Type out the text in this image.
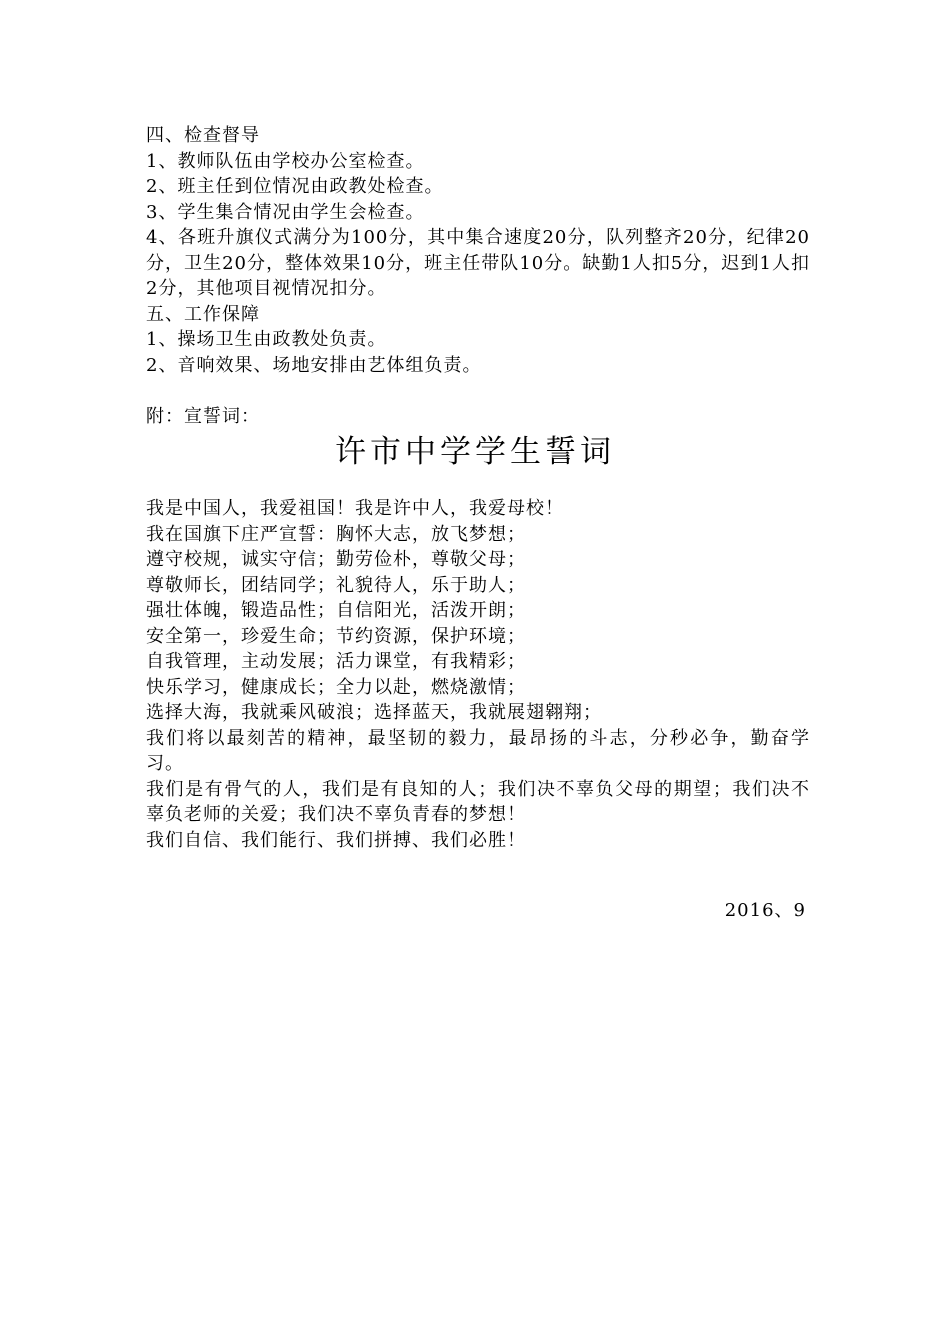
四、检查督导
1、教师队伍由学校办公室检查。
2、班主任到位情况由政教处检查。
3、学生集合情况由学生会检查。
4、各班升旗仪式满分为100分，其中集合速度20分，队列整齐20分，纪律20分，卫生20分，整体效果10分，班主任带队10分。缺勤1人扣5分，迟到1人扣2分，其他项目视情况扣分。
五、工作保障
1、操场卫生由政教处负责。
2、音响效果、场地安排由艺体组负责。
附：宣誓词：
许市中学学生誓词
我是中国人，我爱祖国！我是许中人，我爱母校！
我在国旗下庄严宣誓：胸怀大志，放飞梦想；
遵守校规，诚实守信；勤劳俭朴，尊敬父母；
尊敬师长，团结同学；礼貌待人，乐于助人；
强壮体魄，锻造品性；自信阳光，活泼开朗；
安全第一，珍爱生命；节约资源，保护环境；
自我管理，主动发展；活力课堂，有我精彩；
快乐学习，健康成长；全力以赴，燃烧激情；
选择大海，我就乘风破浪；选择蓝天，我就展翅翱翔；
我们将以最刻苦的精神，最坚韧的毅力，最昂扬的斗志，分秒必争，勤奋学习。
我们是有骨气的人，我们是有良知的人；我们决不辜负父母的期望；我们决不辜负老师的关爱；我们决不辜负青春的梦想！
我们自信、我们能行、我们拼搏、我们必胜！
2016、9
